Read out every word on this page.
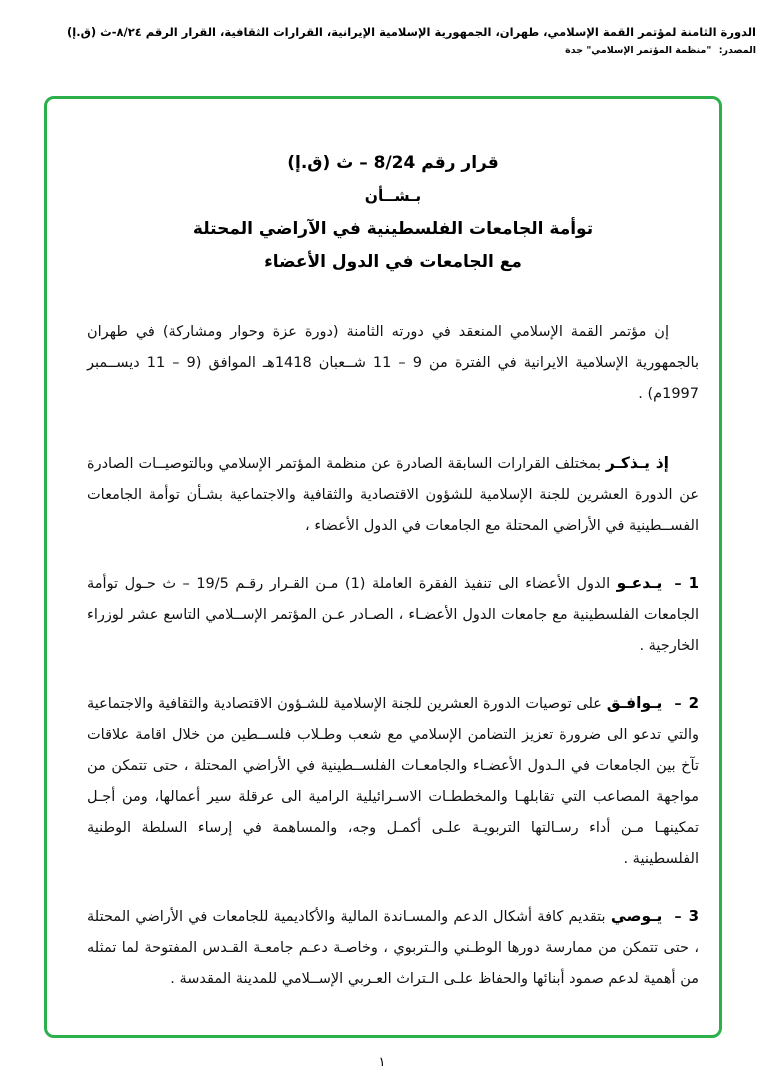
الدورة الثامنة لمؤتمر القمة الإسلامي، طهران، الجمهورية الإسلامية الإيرانية، القرارات الثقافية، القرار الرقم ٨/٢٤-ث (ق.إ)
المصدر: "منظمة المؤتمر الإسلامي" جدة
قرار رقم 8/24 – ث (ق.إ)
بـشــأن
توأمة الجامعات الفلسطينية في الآراضي المحتلة
مع الجامعات في الدول الأعضاء

إن مؤتمر القمة الإسلامي المنعقد في دورته الثامنة (دورة عزة وحوار ومشاركة) في طهران بالجمهورية الإسلامية الايرانية في الفترة من 9 – 11 شــعبان 1418هـ الموافق (9 – 11 ديســمبر 1997م) .

إذ يـذكـر بمختلف القرارات السابقة الصادرة عن منظمة المؤتمر الإسلامي وبالتوصيــات الصادرة عن الدورة العشرين للجنة الإسلامية للشؤون الاقتصادية والثقافية والاجتماعية بشـأن توأمة الجامعات الفســطينية في الأراضي المحتلة مع الجامعات في الدول الأعضاء ،

1–يـدعـو الدول الأعضاء الى تنفيذ الفقرة العاملة (1) مـن القـرار رقـم 19/5 – ث حـول توأمة الجامعات الفلسطينية مع جامعات الدول الأعضـاء ، الصـادر عـن المؤتمر الإســلامي التاسع عشر لوزراء الخارجية .

2–يـوافـق على توصيات الدورة العشرين للجنة الإسلامية للشـؤون الاقتصادية والثقافية والاجتماعية والتي تدعو الى ضرورة تعزيز التضامن الإسلامي مع شعب وطـلاب فلســطين من خلال اقامة علاقات تآخ بين الجامعات في الـدول الأعضـاء والجامعـات الفلســطينية في الأراضي المحتلة ، حتى تتمكن من مواجهة المصاعب التي تقابلهـا والمخططـات الاسـرائيلية الرامية الى عرقلة سير أعمالها، ومن أجـل تمكينهـا مـن أداء رسـالتها التربويـة علـى أكمـل وجه، والمساهمة في إرساء السلطة الوطنية الفلسطينية .

3–يـوصي بتقديم كافة أشكال الدعم والمسـاندة المالية والأكاديمية للجامعات في الأراضي المحتلة ، حتى تتمكن من ممارسة دورها الوطـني والـتربوي ، وخاصـة دعـم جامعـة القـدس المفتوحة لما تمثله من أهمية لدعم صمود أبنائها والحفاظ علـى الـتراث العـربي الإســلامي للمدينة المقدسة .

١
